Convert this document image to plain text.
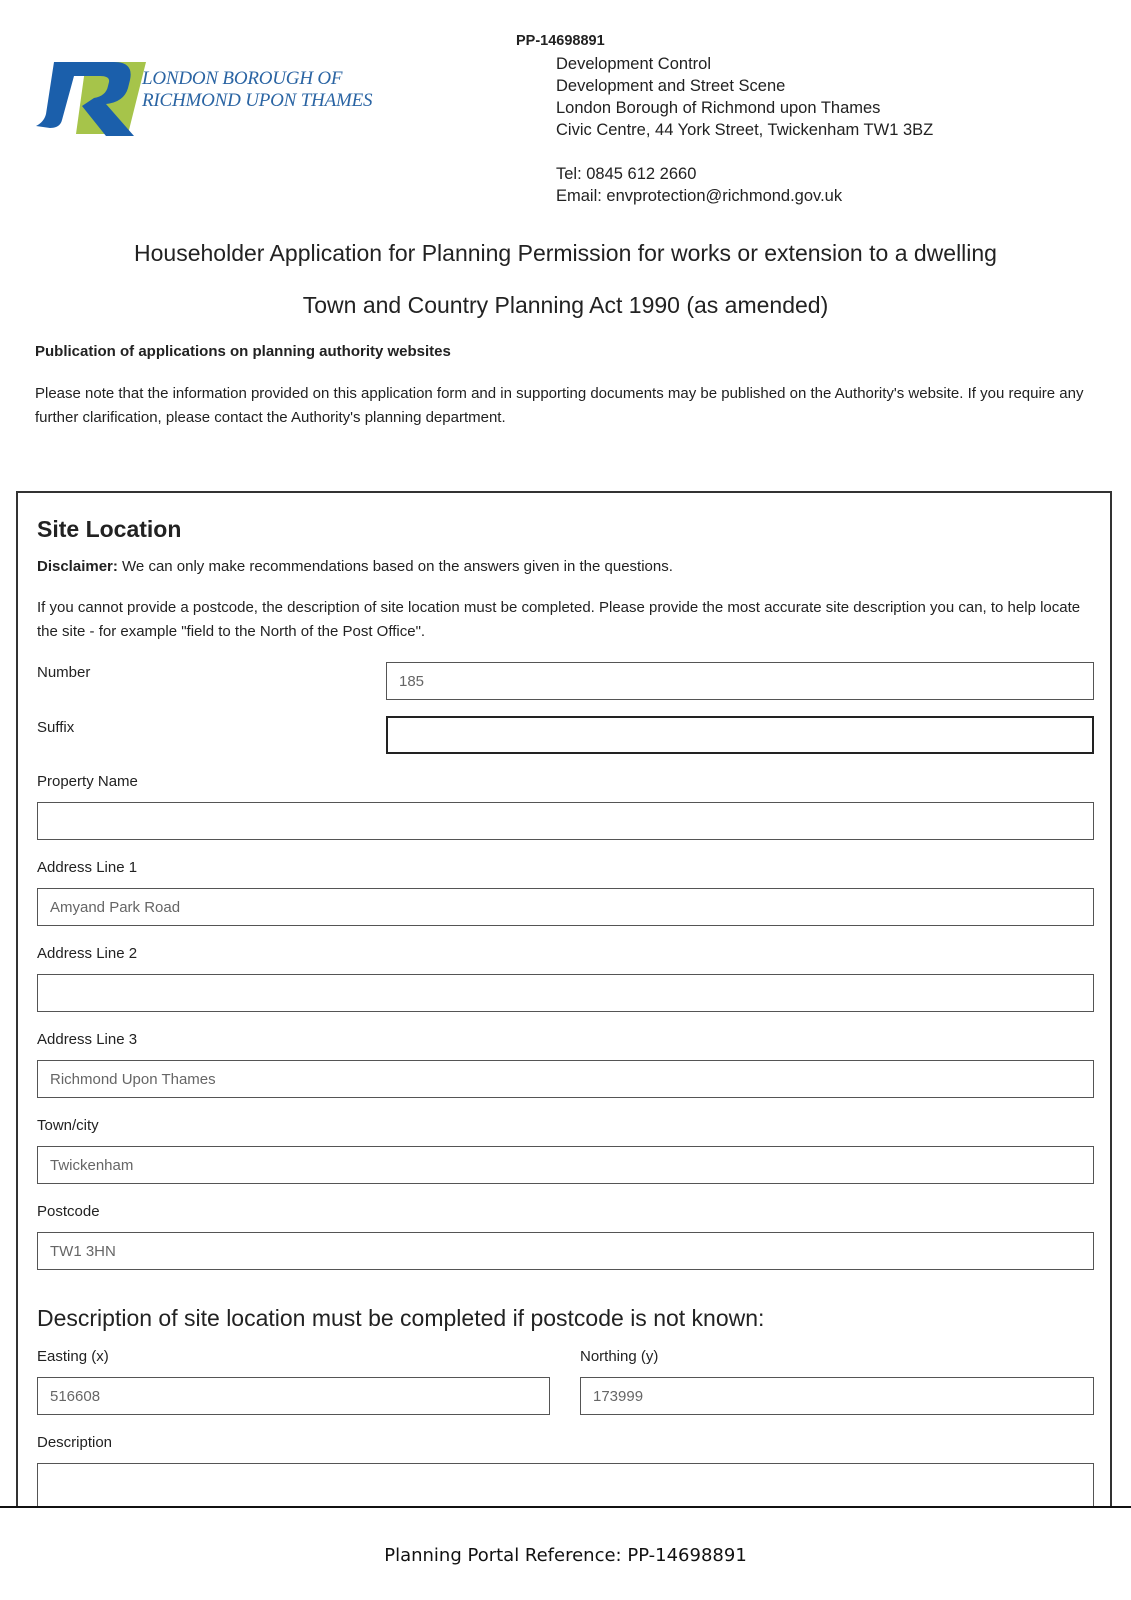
LONDON BOROUGH OF
RICHMOND UPON THAMES
PP-14698891
Development Control
Development and Street Scene
London Borough of Richmond upon Thames
Civic Centre, 44 York Street, Twickenham TW1 3BZ
Tel: 0845 612 2660
Email: envprotection@richmond.gov.uk
Householder Application for Planning Permission for works or extension to a dwelling
Town and Country Planning Act 1990 (as amended)
Publication of applications on planning authority websites
Please note that the information provided on this application form and in supporting documents may be published on the Authority's website. If you require any further clarification, please contact the Authority's planning department.
Site Location
Disclaimer: We can only make recommendations based on the answers given in the questions.
If you cannot provide a postcode, the description of site location must be completed. Please provide the most accurate site description you can, to help locate the site - for example "field to the North of the Post Office".
Number
185
Suffix
Property Name
Address Line 1
Amyand Park Road
Address Line 2
Address Line 3
Richmond Upon Thames
Town/city
Twickenham
Postcode
TW1 3HN
Description of site location must be completed if postcode is not known:
Easting (x)
516608	Northing (y)
173999
Description
Planning Portal Reference: PP-14698891
